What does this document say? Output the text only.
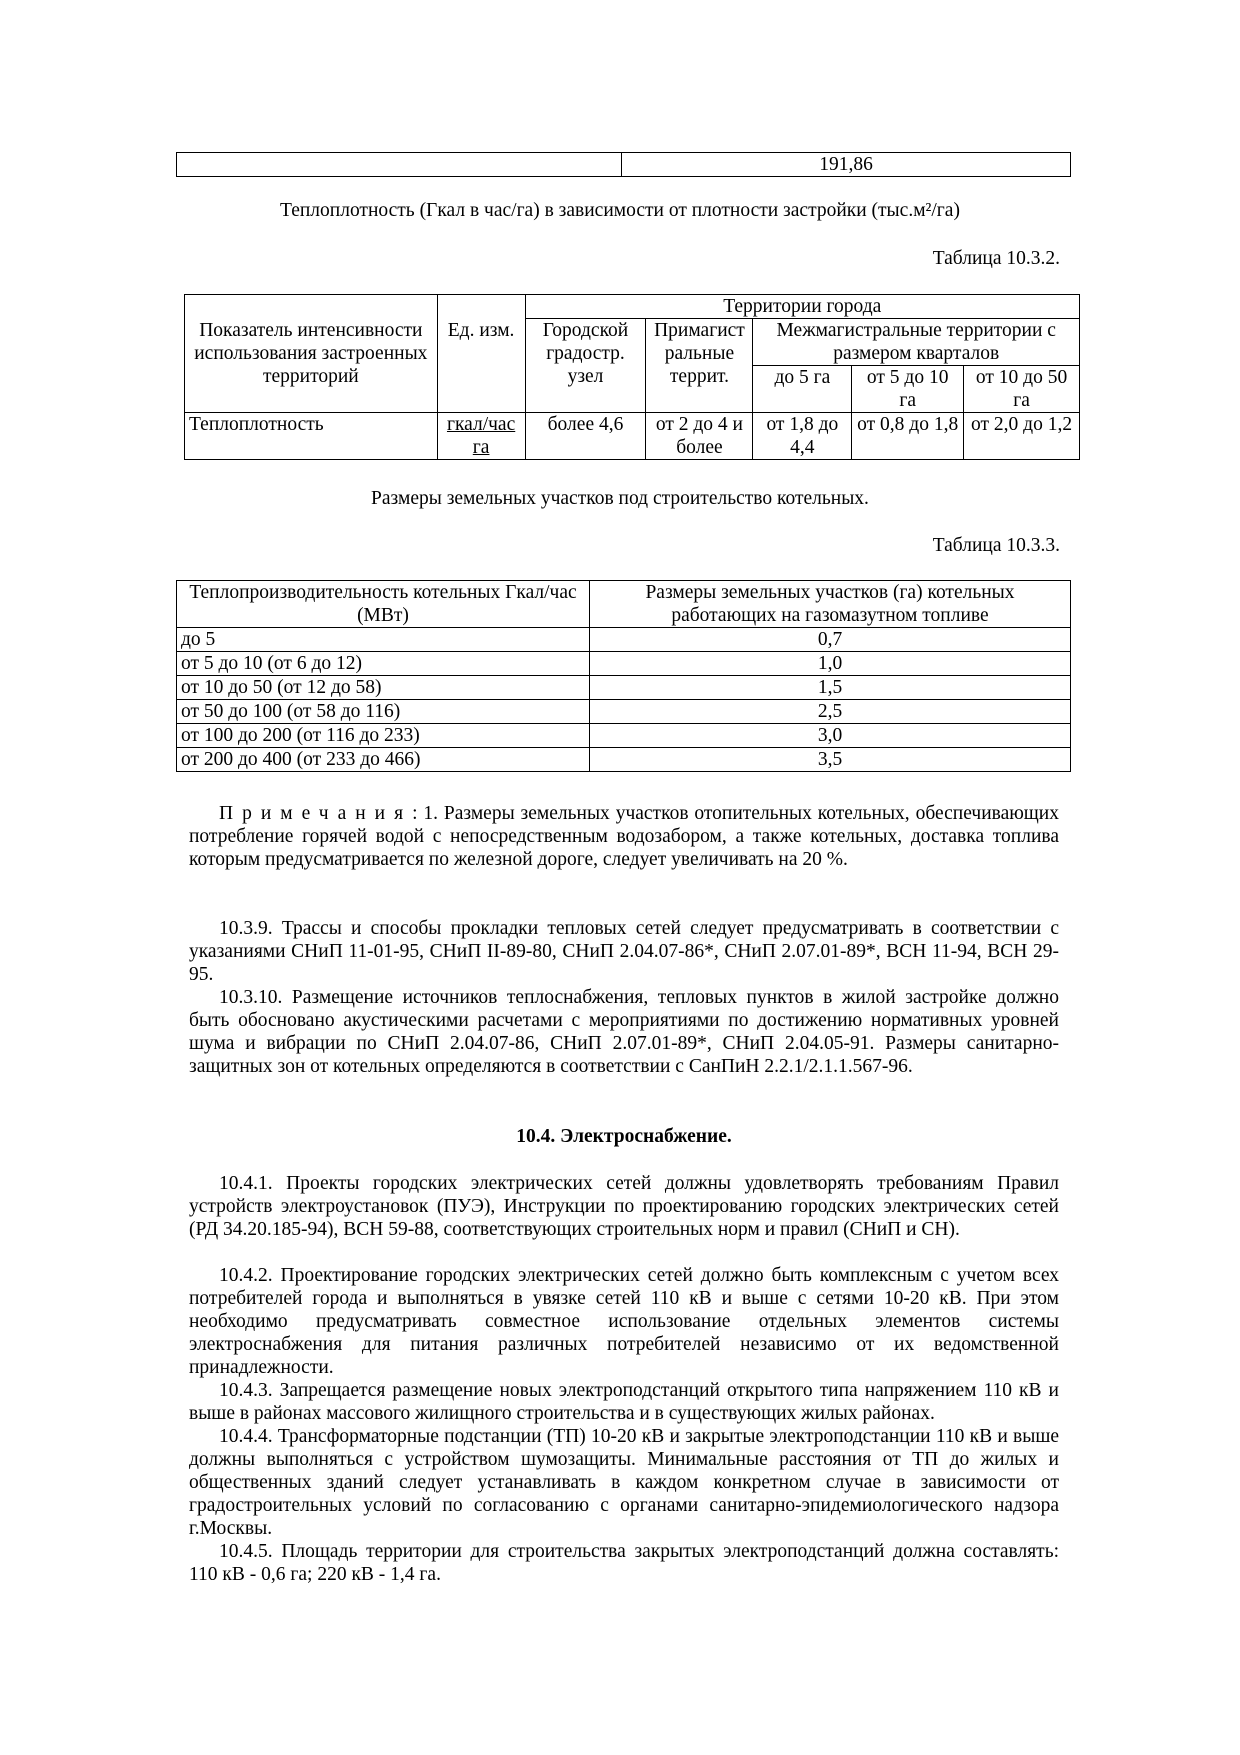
	191,86
Теплоплотность (Гкал в час/га) в зависимости от плотности застройки (тыс.м²/га)
Таблица 10.3.2.
Показатель интенсивности использования застроенных территорий	Ед. изм.	Территории города				
		Городской градостр. узел	Примагист ральные террит.	Межмагистральные территории с размером кварталов		
				до 5 га	от 5 до 10 га	от 10 до 50 га

Теплоплотность	гкал/час га	более 4,6	от 2 до 4 и более	от 1,8 до 4,4	от 0,8 до 1,8	от 2,0 до 1,2
Размеры земельных участков под строительство котельных.
Таблица 10.3.3.
Теплопроизводительность котельных Гкал/час (МВт)	Размеры земельных участков (га) котельных работающих на газомазутном топливе
до 5	0,7
от 5 до 10 (от 6 до 12)	1,0
от 10 до 50 (от 12 до 58)	1,5
от 50 до 100 (от 58 до 116)	2,5
от 100 до 200 (от 116 до 233)	3,0
от 200 до 400 (от 233 до 466)	3,5
Примечания: 1. Размеры земельных участков отопительных котельных, обеспечивающих потребление горячей водой с непосредственным водозабором, а также котельных, доставка топлива которым предусматривается по железной дороге, следует увеличивать на 20 %.
10.3.9. Трассы и способы прокладки тепловых сетей следует предусматривать в соответствии с указаниями СНиП 11-01-95, СНиП II-89-80, СНиП 2.04.07-86*, СНиП 2.07.01-89*, ВСН 11-94, ВСН 29-95.
10.3.10. Размещение источников теплоснабжения, тепловых пунктов в жилой застройке должно быть обосновано акустическими расчетами с мероприятиями по достижению нормативных уровней шума и вибрации по СНиП 2.04.07-86, СНиП 2.07.01-89*, СНиП 2.04.05-91. Размеры санитарно-защитных зон от котельных определяются в соответствии с СанПиН 2.2.1/2.1.1.567-96.
10.4. Электроснабжение.
10.4.1. Проекты городских электрических сетей должны удовлетворять требованиям Правил устройств электроустановок (ПУЭ), Инструкции по проектированию городских электрических сетей (РД 34.20.185-94), ВСН 59-88, соответствующих строительных норм и правил (СНиП и СН).
10.4.2. Проектирование городских электрических сетей должно быть комплексным с учетом всех потребителей города и выполняться в увязке сетей 110 кВ и выше с сетями 10-20 кВ. При этом необходимо предусматривать совместное использование отдельных элементов системы электроснабжения для питания различных потребителей независимо от их ведомственной принадлежности.
10.4.3. Запрещается размещение новых электроподстанций открытого типа напряжением 110 кВ и выше в районах массового жилищного строительства и в существующих жилых районах.
10.4.4. Трансформаторные подстанции (ТП) 10-20 кВ и закрытые электроподстанции 110 кВ и выше должны выполняться с устройством шумозащиты. Минимальные расстояния от ТП до жилых и общественных зданий следует устанавливать в каждом конкретном случае в зависимости от градостроительных условий по согласованию с органами санитарно-эпидемиологического надзора г.Москвы.
10.4.5. Площадь территории для строительства закрытых электроподстанций должна составлять: 110 кВ - 0,6 га; 220 кВ - 1,4 га.
